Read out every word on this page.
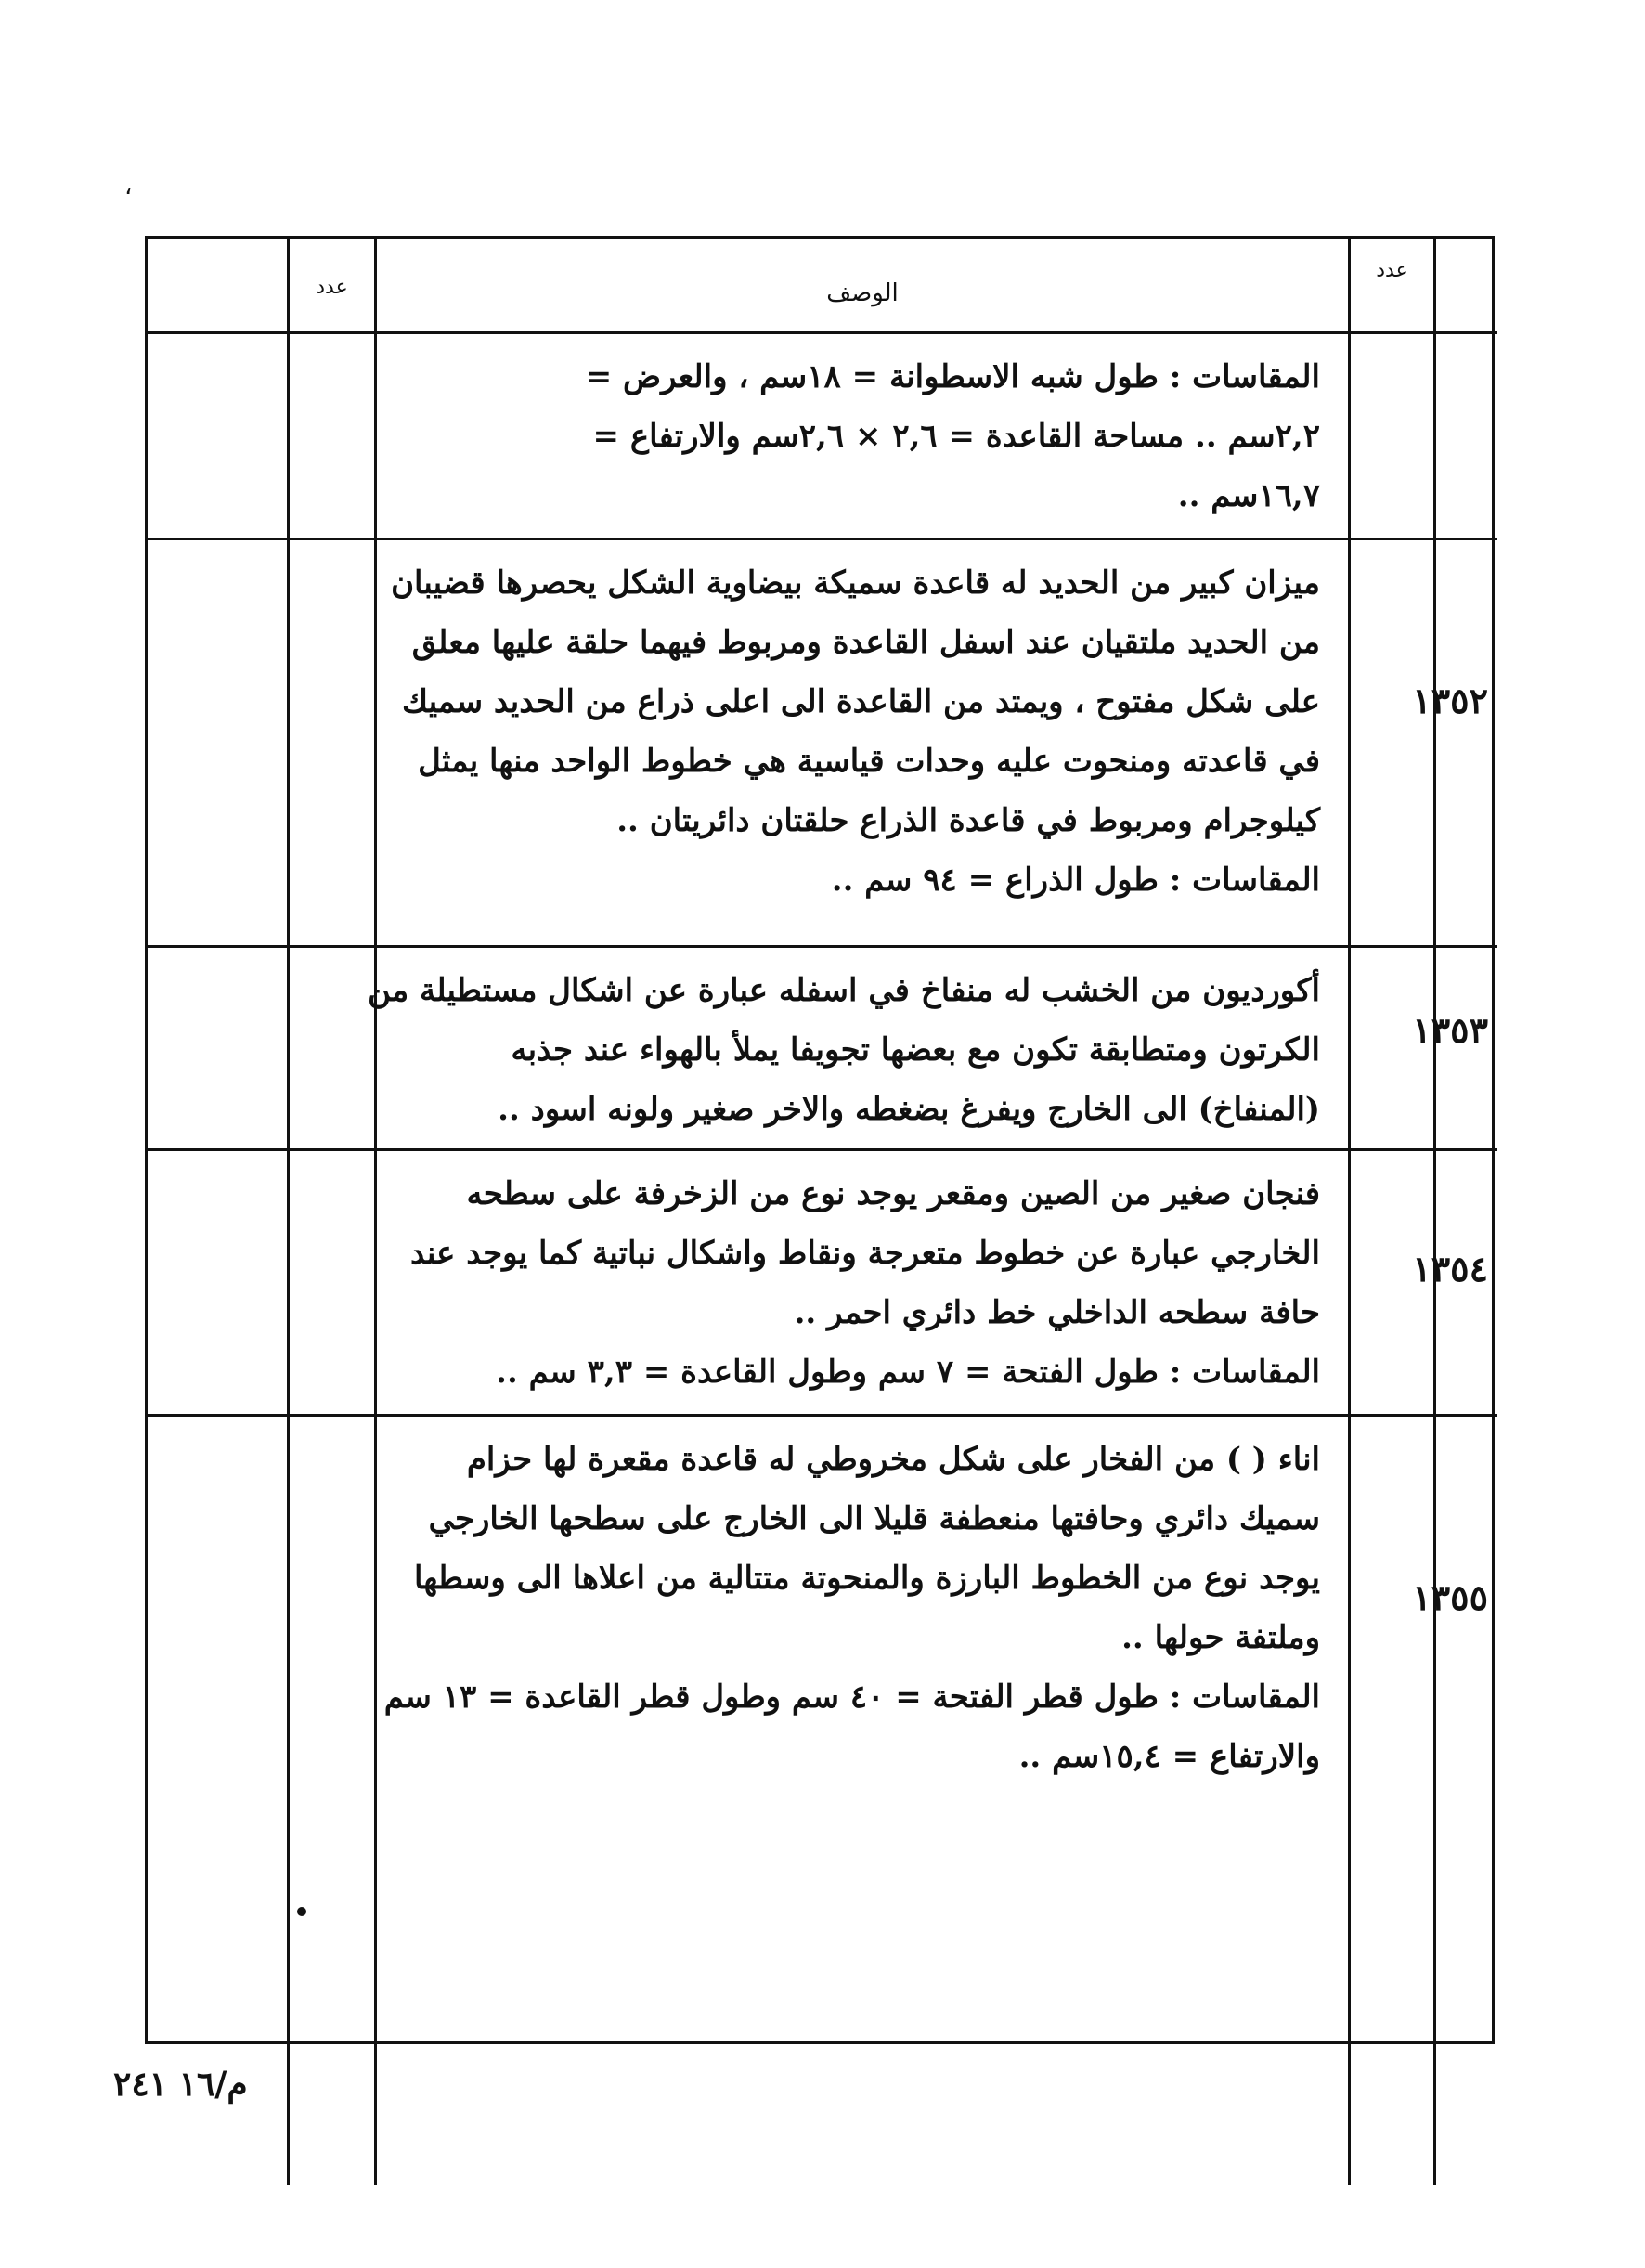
،
عدد	الوصف
عدد
المقاسات : طول شبه الاسطوانة = ١٨سم ، والعرض =
٢,٢سم .. مساحة القاعدة = ٢,٦ × ٢,٦سم والارتفاع =
١٦,٧سم ..
ميزان كبير من الحديد له قاعدة سميكة بيضاوية الشكل يحصرها قضيبان
من الحديد ملتقيان عند اسفل القاعدة ومربوط فيهما حلقة عليها معلق
على شكل مفتوح ، ويمتد من القاعدة الى اعلى ذراع من الحديد سميك
في قاعدته ومنحوت عليه وحدات قياسية هي خطوط الواحد منها يمثل
كيلوجرام ومربوط في قاعدة الذراع حلقتان دائريتان ..
المقاسات : طول الذراع = ٩٤ سم ..
١٣٥٢
أكورديون من الخشب له منفاخ في اسفله عبارة عن اشكال مستطيلة من
الكرتون ومتطابقة تكون مع بعضها تجويفا يملأ بالهواء عند جذبه
(المنفاخ) الى الخارج ويفرغ بضغطه والاخر صغير ولونه اسود ..
١٣٥٣
فنجان صغير من الصين ومقعر يوجد نوع من الزخرفة على سطحه
الخارجي عبارة عن خطوط متعرجة ونقاط واشكال نباتية كما يوجد عند
حافة سطحه الداخلي خط دائري احمر ..
المقاسات : طول الفتحة = ٧ سم وطول القاعدة = ٣,٣ سم ..
١٣٥٤
اناء ( ) من الفخار على شكل مخروطي له قاعدة مقعرة لها حزام
سميك دائري وحافتها منعطفة قليلا الى الخارج على سطحها الخارجي
يوجد نوع من الخطوط البارزة والمنحوتة متتالية من اعلاها الى وسطها
وملتفة حولها ..
المقاسات : طول قطر الفتحة = ٤٠ سم وطول قطر القاعدة = ١٣ سم
والارتفاع = ١٥,٤سم ..
١٣٥٥
م/١٦ ٢٤١
